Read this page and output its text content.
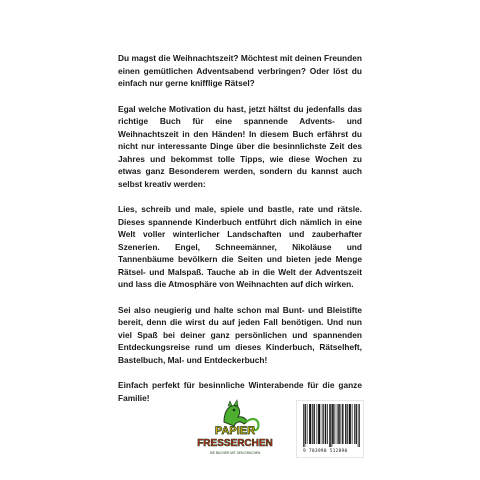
Du magst die Weihnachtszeit? Möchtest mit deinen Freunden einen gemütlichen Adventsabend verbringen? Oder löst du einfach nur gerne knifflige Rätsel?

Egal welche Motivation du hast, jetzt hältst du jedenfalls das richtige Buch für eine spannende Advents- und Weihnachtszeit in den Händen! In diesem Buch erfährst du nicht nur interessante Dinge über die besinnlichste Zeit des Jahres und bekommst tolle Tipps, wie diese Wochen zu etwas ganz Besonderem werden, sondern du kannst auch selbst kreativ werden:

Lies, schreib und male, spiele und bastle, rate und rätsle. Dieses spannende Kinderbuch entführt dich nämlich in eine Welt voller winterlicher Landschaften und zauberhafter Szenerien. Engel, Schneemänner, Nikoläuse und Tannenbäume bevölkern die Seiten und bieten jede Menge Rätsel- und Malspaß. Tauche ab in die Welt der Adventszeit und lass die Atmosphäre von Weihnachten auf dich wirken.

Sei also neugierig und halte schon mal Bunt- und Bleistifte bereit, denn die wirst du auf jeden Fall benötigen. Und nun viel Spaß bei deiner ganz persönlichen und spannenden Entdeckungsreise rund um dieses Kinderbuch, Rätselheft, Bastelbuch, Mal- und Entdeckerbuch!

Einfach perfekt für besinnliche Winterabende für die ganze Familie!

PAPIER
FRESSERCHEN
DIE BÜCHER MIT DEM DRACHEN	9 783990 512890
